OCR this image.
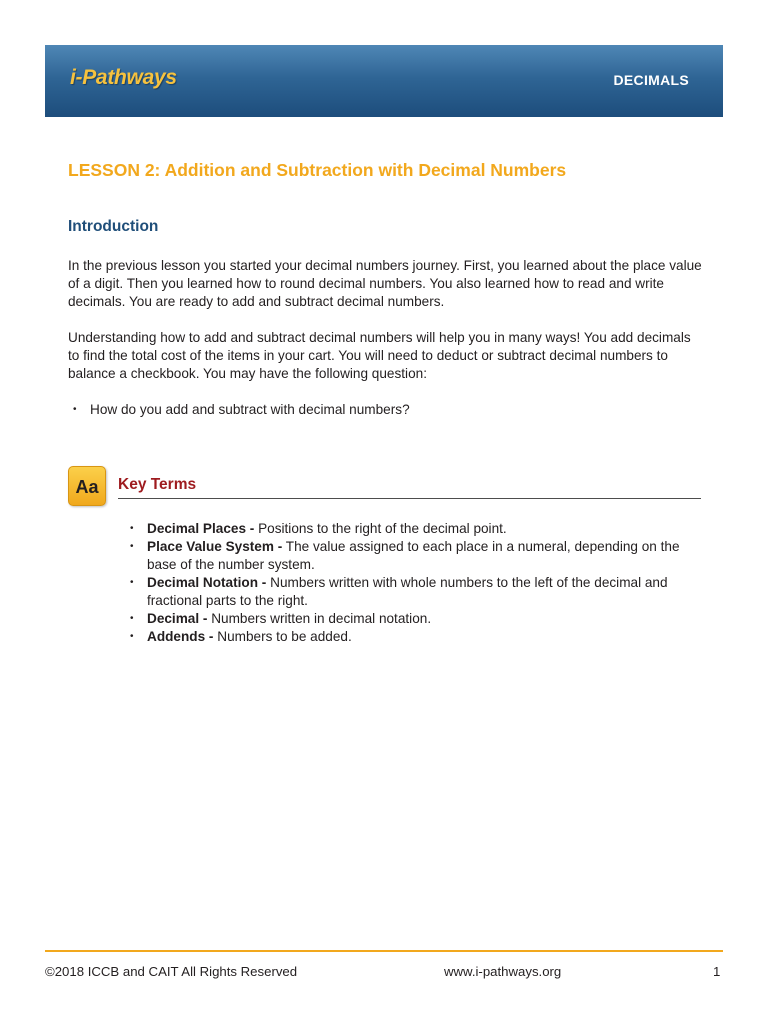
i-Pathways	DECIMALS
LESSON 2: Addition and Subtraction with Decimal Numbers
Introduction

In the previous lesson you started your decimal numbers journey. First, you learned about the place value of a digit. Then you learned how to round decimal numbers. You also learned how to read and write decimals. You are ready to add and subtract decimal numbers.

Understanding how to add and subtract decimal numbers will help you in many ways! You add decimals to find the total cost of the items in your cart. You will need to deduct or subtract decimal numbers to balance a checkbook. You may have the following question:

• How do you add and subtract with decimal numbers?
Aa	Key Terms
• Decimal Places - Positions to the right of the decimal point.
• Place Value System - The value assigned to each place in a numeral, depending on the base of the number system.
• Decimal Notation - Numbers written with whole numbers to the left of the decimal and fractional parts to the right.
• Decimal - Numbers written in decimal notation.
• Addends - Numbers to be added.
©2018 ICCB and CAIT All Rights Reserved	www.i-pathways.org	1
